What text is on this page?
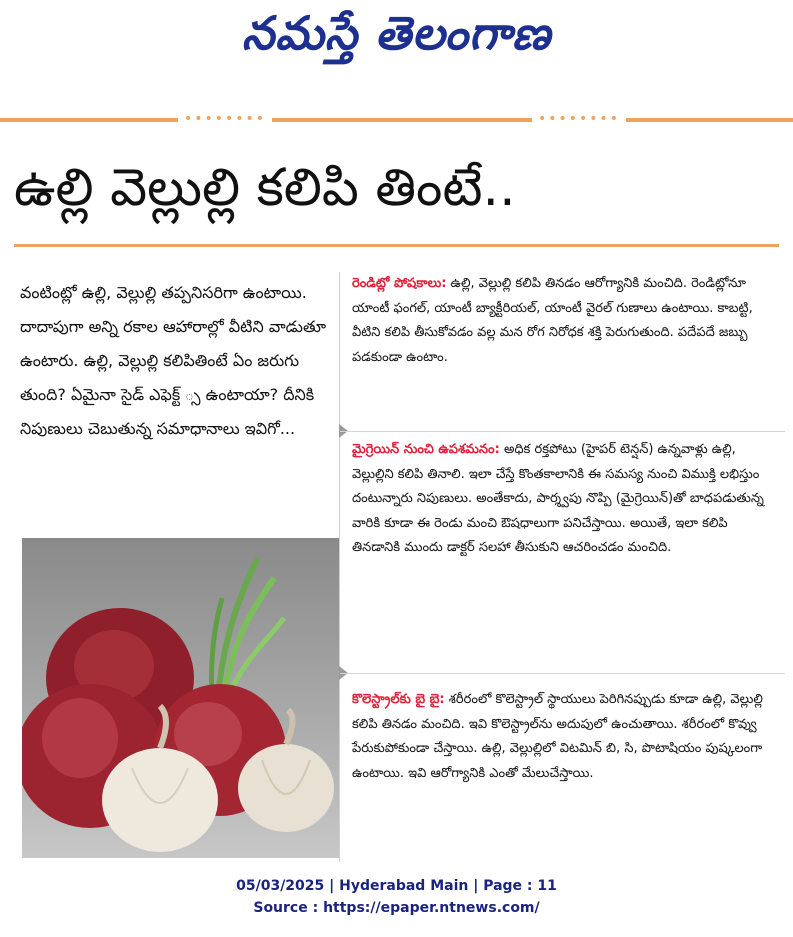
నమస్తే తెలంగాణ
••••••••	••••••••
ఉల్లి వెల్లుల్లి కలిపి తింటే..
వంటింట్లో ఉల్లి, వెల్లుల్లి తప్పనిసరిగా ఉంటాయి. దాదాపుగా అన్ని రకాల ఆహారాల్లో వీటిని వాడుతూ ఉంటారు. ఉల్లి, వెల్లుల్లి కలిపితింటే ఏం జరుగు తుంది? ఏమైనా సైడ్ ఎఫెక్ట్ ్స ఉంటాయా? దీనికి నిపుణులు చెబుతున్న సమాధానాలు ఇవిగో...
రెండిట్లో పోషకాలు: ఉల్లి, వెల్లుల్లి కలిపి తినడం ఆరోగ్యానికి మంచిది. రెండిట్లోనూ యాంటీ ఫంగల్, యాంటీ బ్యాక్టీరియల్, యాంటీ వైరల్ గుణాలు ఉంటాయి. కాబట్టి, వీటిని కలిపి తీసుకోవడం వల్ల మన రోగ నిరోధక శక్తి పెరుగుతుంది. పదేపదే జబ్బు పడకుండా ఉంటాం.
మైగ్రెయిన్ నుంచి ఉపశమనం: అధిక రక్తపోటు (హైపర్ టెన్షన్) ఉన్నవాళ్లు ఉల్లి, వెల్లుల్లిని కలిపి తినాలి. ఇలా చేస్తే కొంతకాలానికి ఈ సమస్య నుంచి విముక్తి లభిస్తుం దంటున్నారు నిపుణులు. అంతేకాదు, పార్శ్వపు నొప్పి (మైగ్రెయిన్)తో బాధపడుతున్న వారికి కూడా ఈ రెండు మంచి ఔషధాలుగా పనిచేస్తాయి. అయితే, ఇలా కలిపి తినడానికి ముందు డాక్టర్ సలహా తీసుకుని ఆచరించడం మంచిది.
కొలెస్ట్రాల్‌కు బై బై: శరీరంలో కొలెస్ట్రాల్ స్థాయులు పెరిగినప్పుడు కూడా ఉల్లి, వెల్లుల్లి కలిపి తినడం మంచిది. ఇవి కొలెస్ట్రాల్‌ను అదుపులో ఉంచుతాయి. శరీరంలో కొవ్వు పేరుకుపోకుండా చేస్తాయి. ఉల్లి, వెల్లుల్లిలో విటమిన్ బి, సి, పొటాషియం పుష్కలంగా ఉంటాయి. ఇవి ఆరోగ్యానికి ఎంతో మేలుచేస్తాయి.
05/03/2025 | Hyderabad Main | Page : 11
Source : https://epaper.ntnews.com/
